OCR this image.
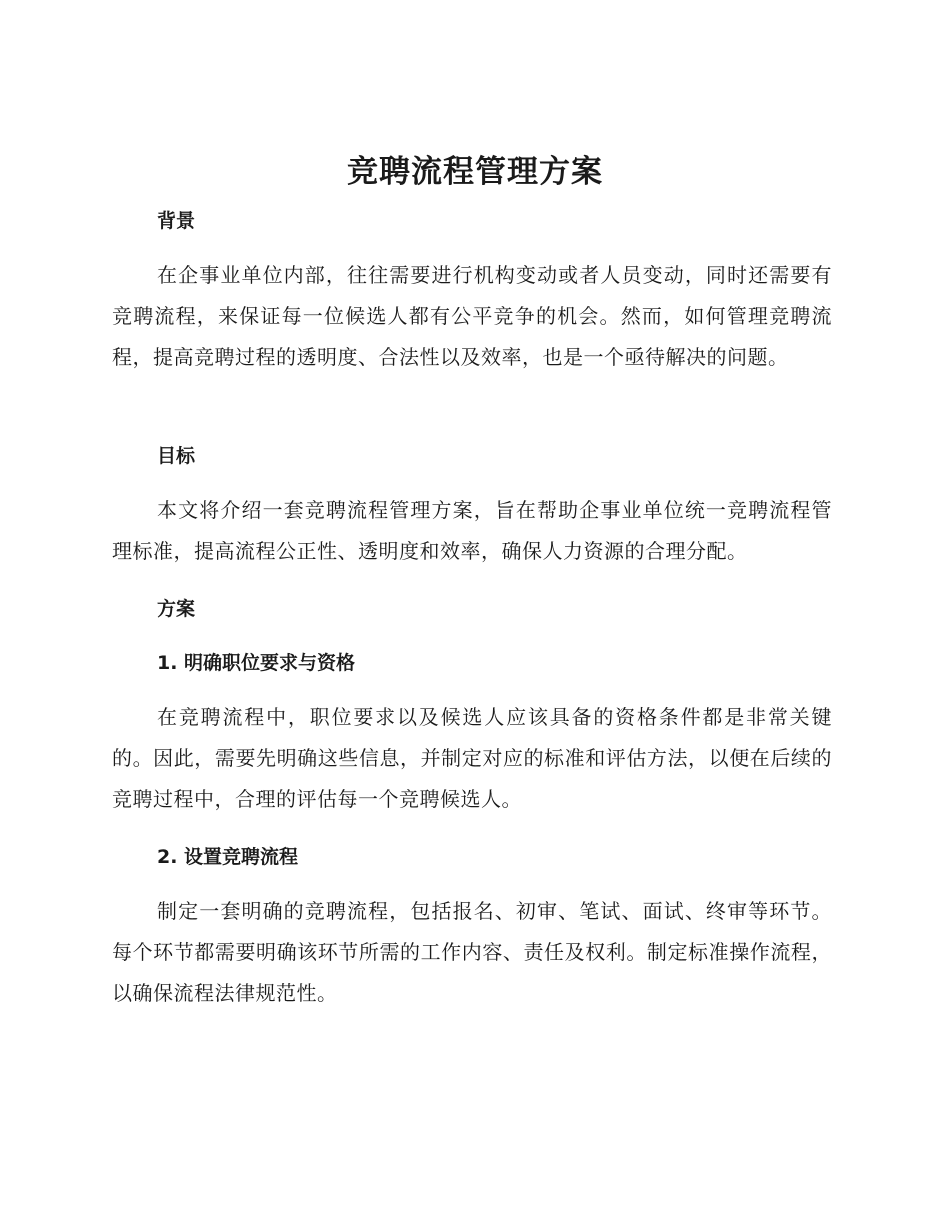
竞聘流程管理方案
背景

在企事业单位内部，往往需要进行机构变动或者人员变动，同时还需要有竞聘流程，来保证每一位候选人都有公平竞争的机会。然而，如何管理竞聘流程，提高竞聘过程的透明度、合法性以及效率，也是一个亟待解决的问题。

目标

本文将介绍一套竞聘流程管理方案，旨在帮助企事业单位统一竞聘流程管理标准，提高流程公正性、透明度和效率，确保人力资源的合理分配。

方案
1. 明确职位要求与资格

在竞聘流程中，职位要求以及候选人应该具备的资格条件都是非常关键的。因此，需要先明确这些信息，并制定对应的标准和评估方法，以便在后续的竞聘过程中，合理的评估每一个竞聘候选人。

2. 设置竞聘流程

制定一套明确的竞聘流程，包括报名、初审、笔试、面试、终审等环节。每个环节都需要明确该环节所需的工作内容、责任及权利。制定标准操作流程，以确保流程法律规范性。
